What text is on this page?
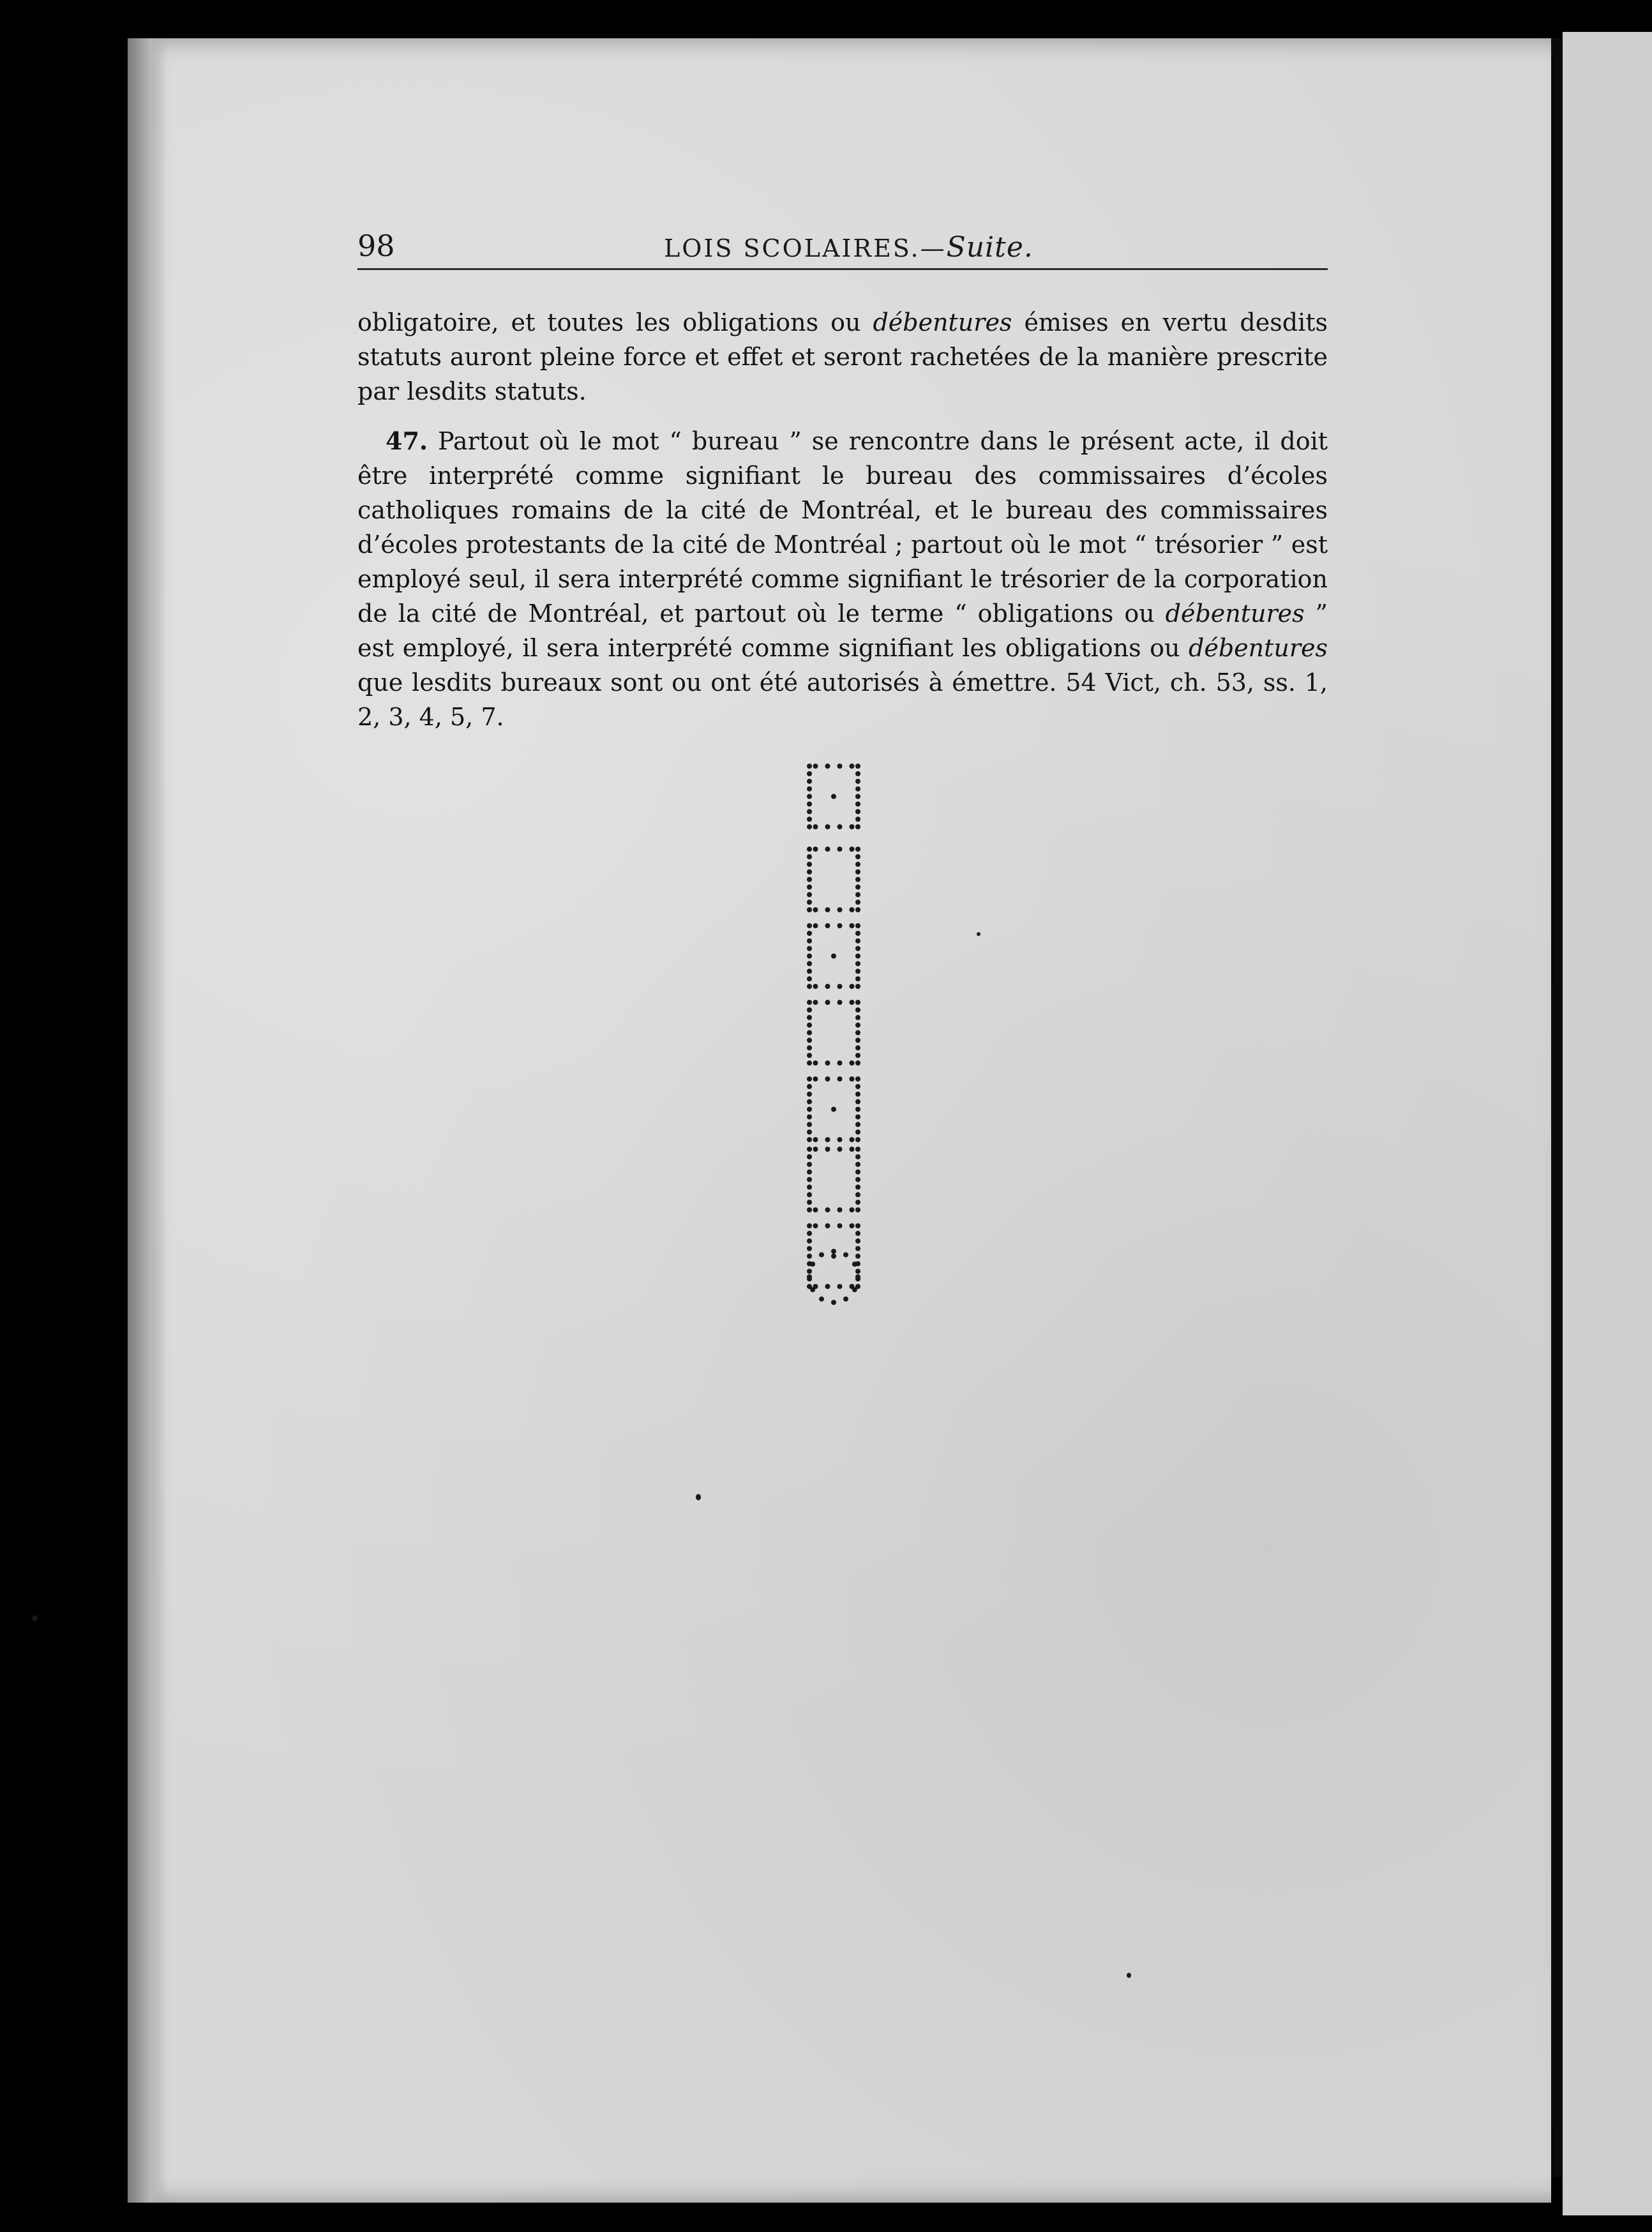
98	LOIS SCOLAIRES.—Suite.

obligatoire, et toutes les obligations ou débentures émises en vertu desdits statuts auront pleine force et effet et seront rachetées de la manière prescrite par lesdits statuts.

47. Partout où le mot “ bureau ” se rencontre dans le présent acte, il doit être interprété comme signifiant le bureau des commissaires d’écoles catholiques romains de la cité de Montréal, et le bureau des commissaires d’écoles protestants de la cité de Montréal ; partout où le mot “ trésorier ” est employé seul, il sera interprété comme signifiant le trésorier de la corporation de la cité de Montréal, et partout où le terme “ obligations ou débentures ” est employé, il sera interprété comme signifiant les obligations ou débentures que lesdits bureaux sont ou ont été autorisés à émettre. 54 Vict, ch. 53, ss. 1, 2, 3, 4, 5, 7.
